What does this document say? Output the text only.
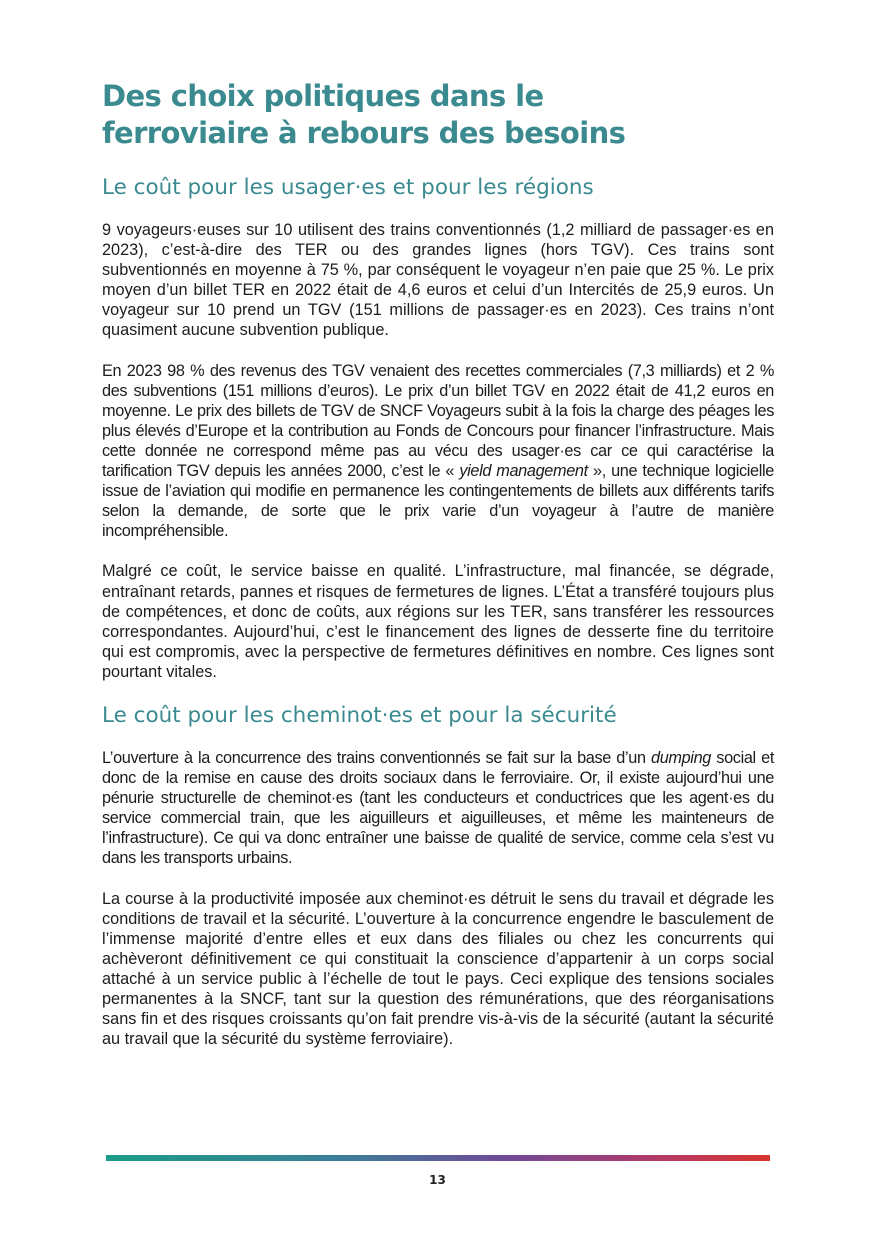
Des choix politiques dans le
ferroviaire à rebours des besoins
Le coût pour les usager·es et pour les régions

9 voyageurs·euses sur 10 utilisent des trains conventionnés (1,2 milliard de passager·es en 2023), c’est-à-dire des TER ou des grandes lignes (hors TGV). Ces trains sont subventionnés en moyenne à 75 %, par conséquent le voyageur n’en paie que 25 %. Le prix moyen d’un billet TER en 2022 était de 4,6 euros et celui d’un Intercités de 25,9 euros. Un voyageur sur 10 prend un TGV (151 millions de passager·es en 2023). Ces trains n’ont quasiment aucune subvention publique.

En 2023 98 % des revenus des TGV venaient des recettes commerciales (7,3 milliards) et 2 % des subventions (151 millions d’euros). Le prix d’un billet TGV en 2022 était de 41,2 euros en moyenne. Le prix des billets de TGV de SNCF Voyageurs subit à la fois la charge des péages les plus élevés d’Europe et la contribution au Fonds de Concours pour financer l’infrastructure. Mais cette donnée ne correspond même pas au vécu des usager·es car ce qui caractérise la tarification TGV depuis les années 2000, c’est le « yield management », une technique logicielle issue de l’aviation qui modifie en permanence les contingentements de billets aux différents tarifs selon la demande, de sorte que le prix varie d’un voyageur à l’autre de manière incompréhensible.

Malgré ce coût, le service baisse en qualité. L’infrastructure, mal financée, se dégrade, entraînant retards, pannes et risques de fermetures de lignes. L’État a transféré toujours plus de compétences, et donc de coûts, aux régions sur les TER, sans transférer les ressources correspondantes. Aujourd’hui, c’est le financement des lignes de desserte fine du territoire qui est compromis, avec la perspective de fermetures définitives en nombre. Ces lignes sont pourtant vitales.

Le coût pour les cheminot·es et pour la sécurité

L’ouverture à la concurrence des trains conventionnés se fait sur la base d’un dumping social et donc de la remise en cause des droits sociaux dans le ferroviaire. Or, il existe aujourd’hui une pénurie structurelle de cheminot·es (tant les conducteurs et conductrices que les agent·es du service commercial train, que les aiguilleurs et aiguilleuses, et même les mainteneurs de l’infrastructure). Ce qui va donc entraîner une baisse de qualité de service, comme cela s’est vu dans les transports urbains.

La course à la productivité imposée aux cheminot·es détruit le sens du travail et dégrade les conditions de travail et la sécurité. L’ouverture à la concurrence engendre le basculement de l’immense majorité d’entre elles et eux dans des filiales ou chez les concurrents qui achèveront définitivement ce qui constituait la conscience d’appartenir à un corps social attaché à un service public à l’échelle de tout le pays. Ceci explique des tensions sociales permanentes à la SNCF, tant sur la question des rémunérations, que des réorganisations sans fin et des risques croissants qu’on fait prendre vis-à-vis de la sécurité (autant la sécurité au travail que la sécurité du système ferroviaire).

13
